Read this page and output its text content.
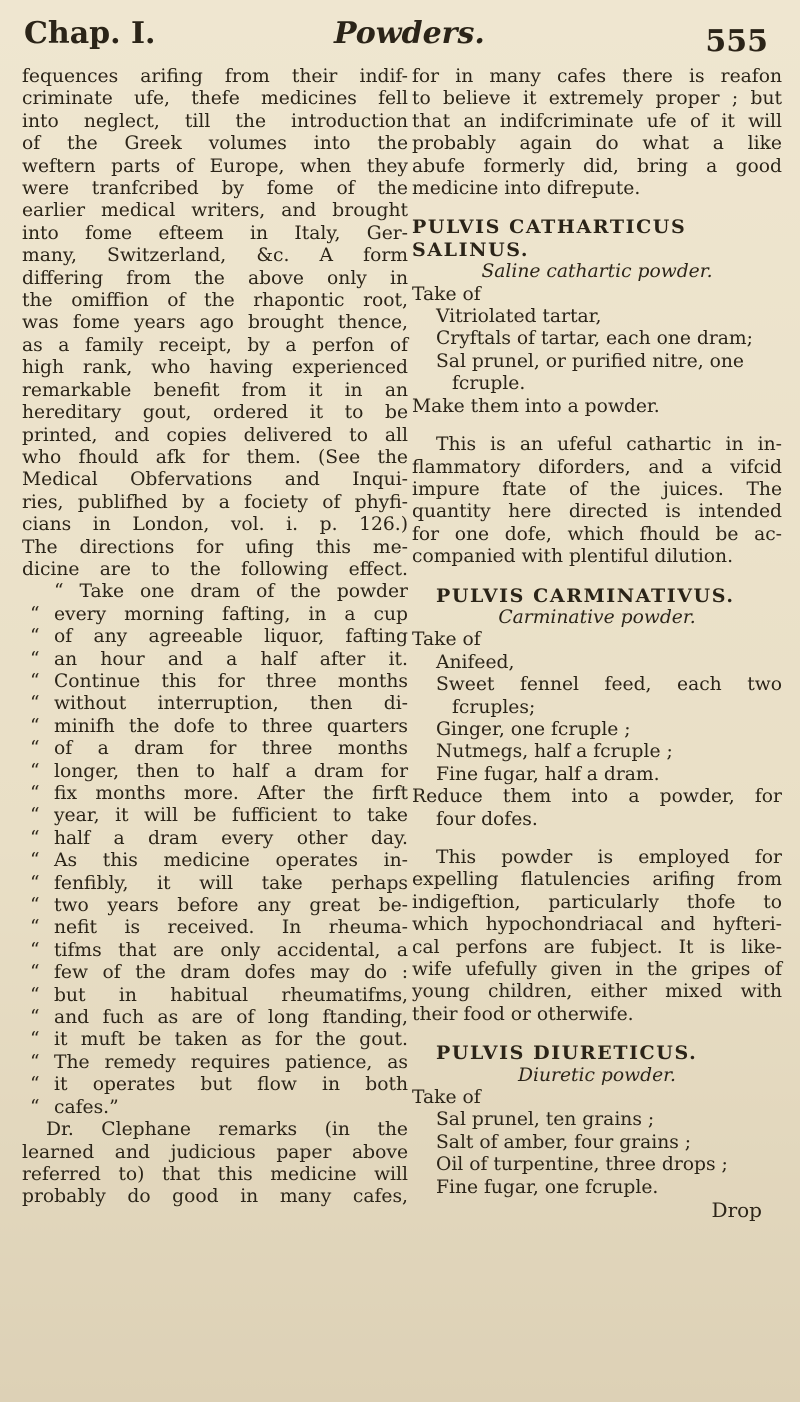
Chap. I.	Powders.	555

fequences arifing from their indif-

criminate ufe, thefe medicines fell

into neglect, till the introduction

of the Greek volumes into the

weftern parts of Europe, when they

were tranfcribed by fome of the

earlier medical writers, and brought

into fome efteem in Italy, Ger-

many, Switzerland, &c. A form

differing from the above only in

the omiffion of the rhapontic root,

was fome years ago brought thence,

as a family receipt, by a perfon of

high rank, who having experienced

remarkable benefit from it in an

hereditary gout, ordered it to be

printed, and copies delivered to all

who fhould afk for them. (See the

Medical Obfervations and Inqui-

ries, publifhed by a fociety of phyfi-

cians in London, vol. i. p. 126.)

The directions for ufing this me-

dicine are to the following effect.

“ Take one dram of the powder

“ every morning fafting, in a cup

“ of any agreeable liquor, fafting

“ an hour and a half after it.

“ Continue this for three months

“ without interruption, then di-

“ minifh the dofe to three quarters

“ of a dram for three months

“ longer, then to half a dram for

“ fix months more. After the firft

“ year, it will be fufficient to take

“ half a dram every other day.

“ As this medicine operates in-

“ fenfibly, it will take perhaps

“ two years before any great be-

“ nefit is received. In rheuma-

“ tifms that are only accidental, a

“ few of the dram dofes may do :

“ but in habitual rheumatifms,

“ and fuch as are of long ftanding,

“ it muft be taken as for the gout.

“ The remedy requires patience, as

“ it operates but flow in both

“ cafes.”

Dr. Clephane remarks (in the

learned and judicious paper above

referred to) that this medicine will

probably do good in many cafes,

for in many cafes there is reafon

to believe it extremely proper ; but

that an indifcriminate ufe of it will

probably again do what a like

abufe formerly did, bring a good

medicine into difrepute.

PULVIS CATHARTICUS SALINUS.

Saline cathartic powder.

Take of

Vitriolated tartar,

Cryftals of tartar, each one dram;

Sal prunel, or purified nitre, one

fcruple.

Make them into a powder.

This is an ufeful cathartic in in-

flammatory diforders, and a vifcid

impure ftate of the juices. The

quantity here directed is intended

for one dofe, which fhould be ac-

companied with plentiful dilution.

PULVIS CARMINATIVUS.

Carminative powder.

Take of

Anifeed,

Sweet fennel feed, each two

fcruples;

Ginger, one fcruple ;

Nutmegs, half a fcruple ;

Fine fugar, half a dram.

Reduce them into a powder, for

four dofes.

This powder is employed for

expelling flatulencies arifing from

indigeftion, particularly thofe to

which hypochondriacal and hyfteri-

cal perfons are fubject. It is like-

wife ufefully given in the gripes of

young children, either mixed with

their food or otherwife.

PULVIS DIURETICUS.

Diuretic powder.

Take of

Sal prunel, ten grains ;

Salt of amber, four grains ;

Oil of turpentine, three drops ;

Fine fugar, one fcruple.

Drop
